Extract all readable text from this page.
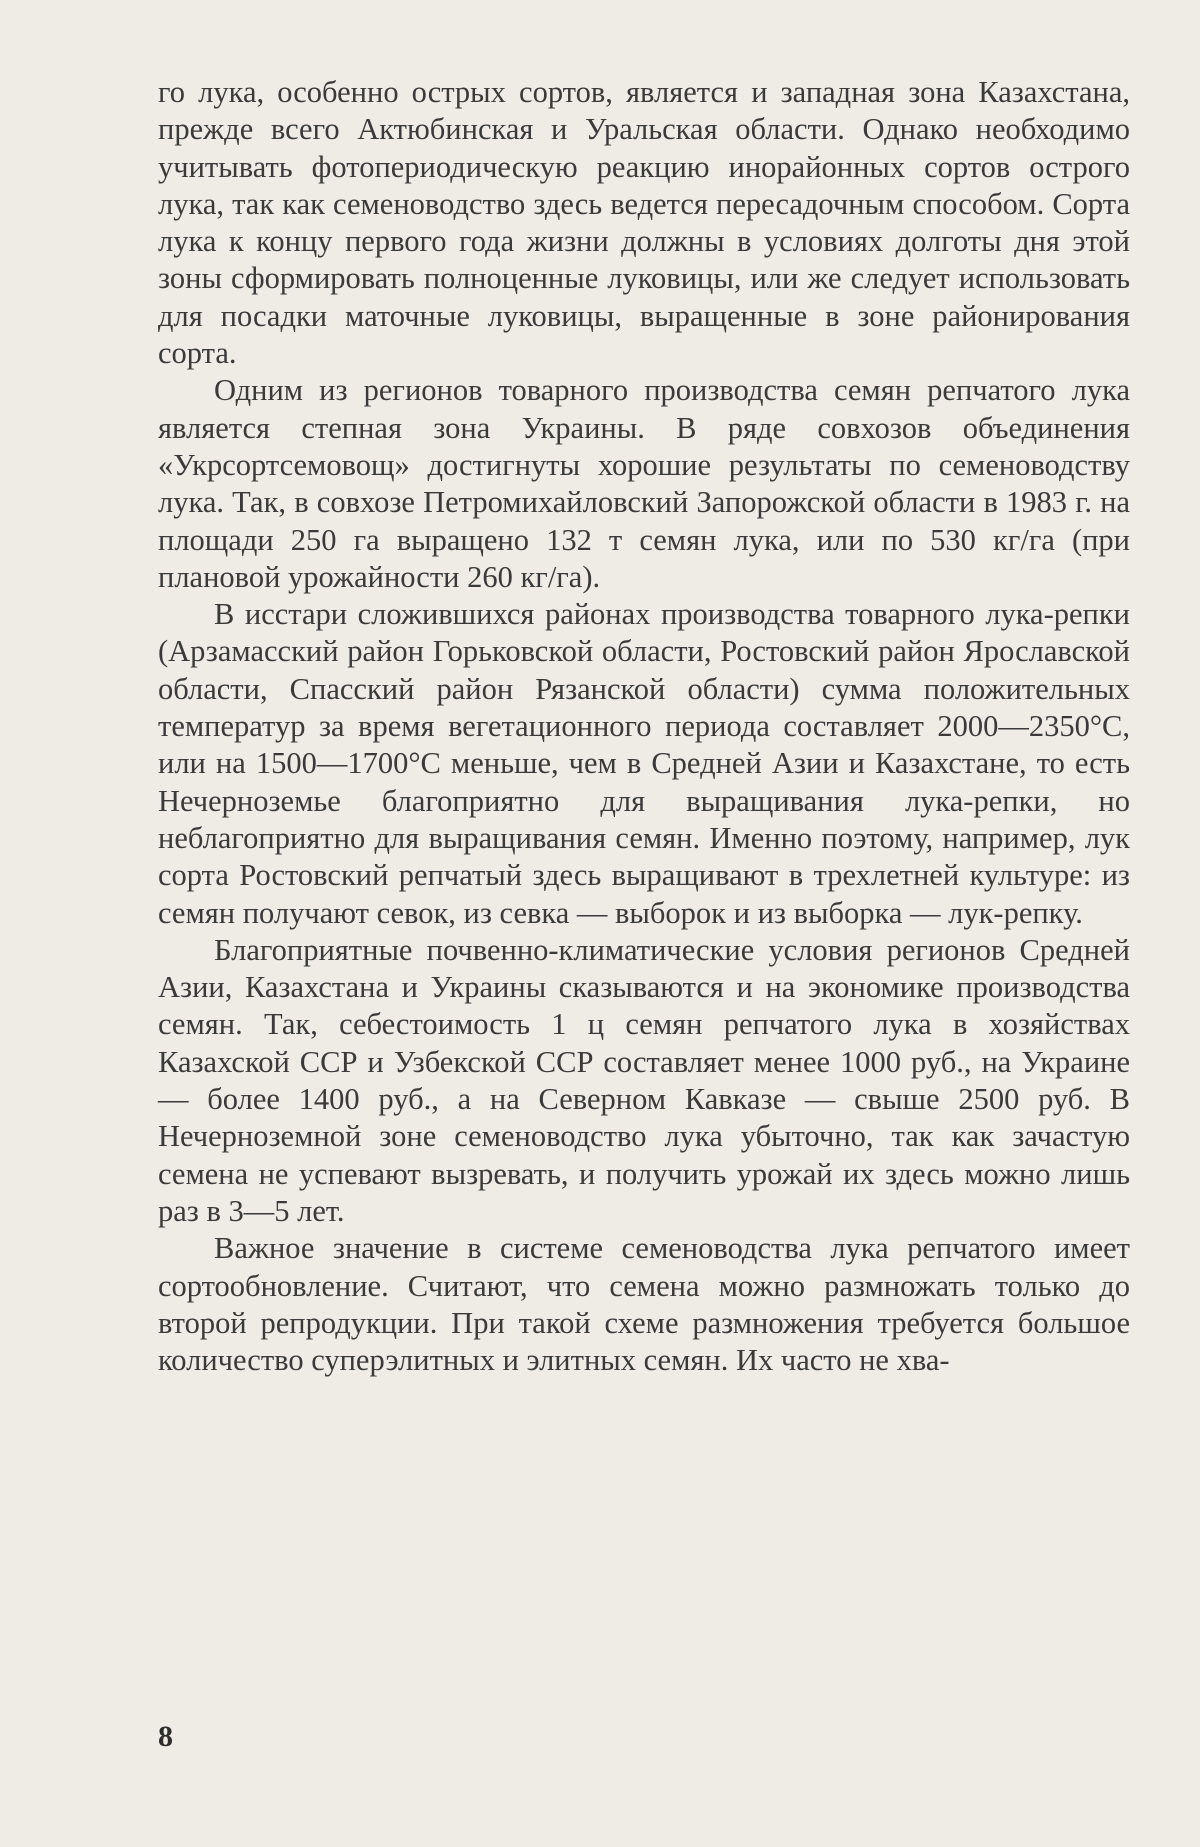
го лука, особенно острых сортов, является и западная зона Казахстана, прежде всего Актюбинская и Уральская области. Однако необходимо учитывать фотопериодическую реакцию инорайонных сортов острого лука, так как семеноводство здесь ведется пересадочным способом. Сорта лука к концу первого года жизни должны в условиях долготы дня этой зоны сформировать полноценные луковицы, или же следует использовать для посадки маточные луковицы, выращенные в зоне районирования сорта.

Одним из регионов товарного производства семян репчатого лука является степная зона Украины. В ряде совхозов объединения «Укрсортсемовощ» достигнуты хорошие результаты по семеноводству лука. Так, в совхозе Петромихайловский Запорожской области в 1983 г. на площади 250 га выращено 132 т семян лука, или по 530 кг/га (при плановой урожайности 260 кг/га).

В исстари сложившихся районах производства товарного лука-репки (Арзамасский район Горьковской области, Ростовский район Ярославской области, Спасский район Рязанской области) сумма положительных температур за время вегетационного периода составляет 2000—2350°С, или на 1500—1700°С меньше, чем в Средней Азии и Казахстане, то есть Нечерноземье благоприятно для выращивания лука-репки, но неблагоприятно для выращивания семян. Именно поэтому, например, лук сорта Ростовский репчатый здесь выращивают в трехлетней культуре: из семян получают севок, из севка — выборок и из выборка — лук-репку.

Благоприятные почвенно-климатические условия регионов Средней Азии, Казахстана и Украины сказываются и на экономике производства семян. Так, себестоимость 1 ц семян репчатого лука в хозяйствах Казахской ССР и Узбекской ССР составляет менее 1000 руб., на Украине — более 1400 руб., а на Северном Кавказе — свыше 2500 руб. В Нечерноземной зоне семеноводство лука убыточно, так как зачастую семена не успевают вызревать, и получить урожай их здесь можно лишь раз в 3—5 лет.

Важное значение в системе семеноводства лука репчатого имеет сортообновление. Считают, что семена можно размножать только до второй репродукции. При такой схеме размножения требуется большое количество суперэлитных и элитных семян. Их часто не хва-

8
